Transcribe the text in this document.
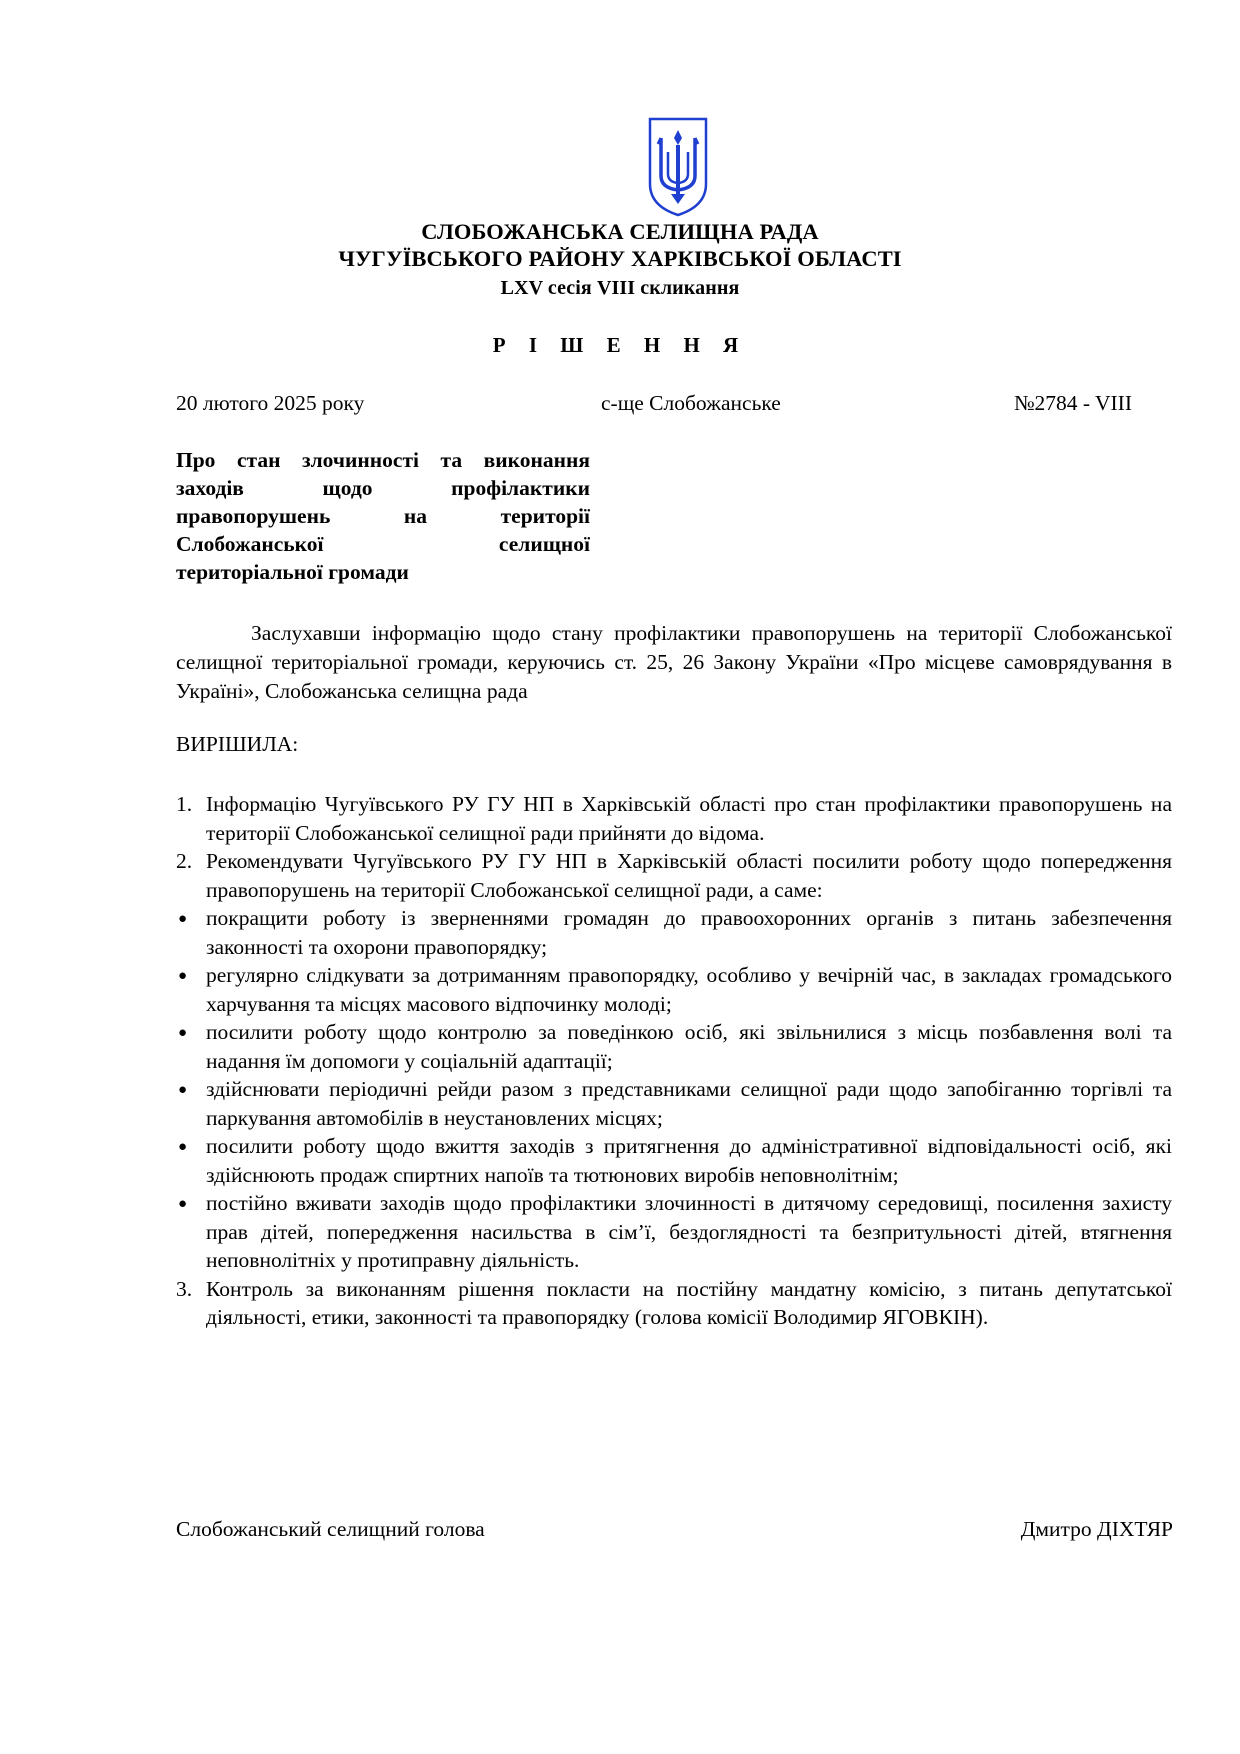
СЛОБОЖАНСЬКА СЕЛИЩНА РАДА
ЧУГУЇВСЬКОГО РАЙОНУ ХАРКІВСЬКОЇ ОБЛАСТІ
LXV сесія VIII скликання
Р І Ш Е Н Н Я
20 лютого 2025 року	с-ще Слобожанське	№2784 - VIII
Про стан злочинності та виконання
заходів щодо профілактики
правопорушень на території
Слобожанської селищної
територіальної громади
Заслухавши інформацію щодо стану профілактики правопорушень на території Слобожанської селищної територіальної громади, керуючись ст. 25, 26 Закону України «Про місцеве самоврядування в Україні», Слобожанська селищна рада
ВИРІШИЛА:
1. Інформацію Чугуївського РУ ГУ НП в Харківській області про стан профілактики правопорушень на території Слобожанської селищної ради прийняти до відома.
2. Рекомендувати Чугуївського РУ ГУ НП в Харківській області посилити роботу щодо попередження правопорушень на території Слобожанської селищної ради, а саме:
● покращити роботу із зверненнями громадян до правоохоронних органів з питань забезпечення законності та охорони правопорядку;
● регулярно слідкувати за дотриманням правопорядку, особливо у вечірній час, в закладах громадського харчування та місцях масового відпочинку молоді;
● посилити роботу щодо контролю за поведінкою осіб, які звільнилися з місць позбавлення волі та надання їм допомоги у соціальній адаптації;
● здійснювати періодичні рейди разом з представниками селищної ради щодо запобіганню торгівлі та паркування автомобілів в неустановлених місцях;
● посилити роботу щодо вжиття заходів з притягнення до адміністративної відповідальності осіб, які здійснюють продаж спиртних напоїв та тютюнових виробів неповнолітнім;
● постійно вживати заходів щодо профілактики злочинності в дитячому середовищі, посилення захисту прав дітей, попередження насильства в сім’ї, бездоглядності та безпритульності дітей, втягнення неповнолітніх у протиправну діяльність.
3. Контроль за виконанням рішення покласти на постійну мандатну комісію, з питань депутатської діяльності, етики, законності та правопорядку (голова комісії Володимир ЯГОВКІН).
Слобожанський селищний голова	Дмитро ДІХТЯР
